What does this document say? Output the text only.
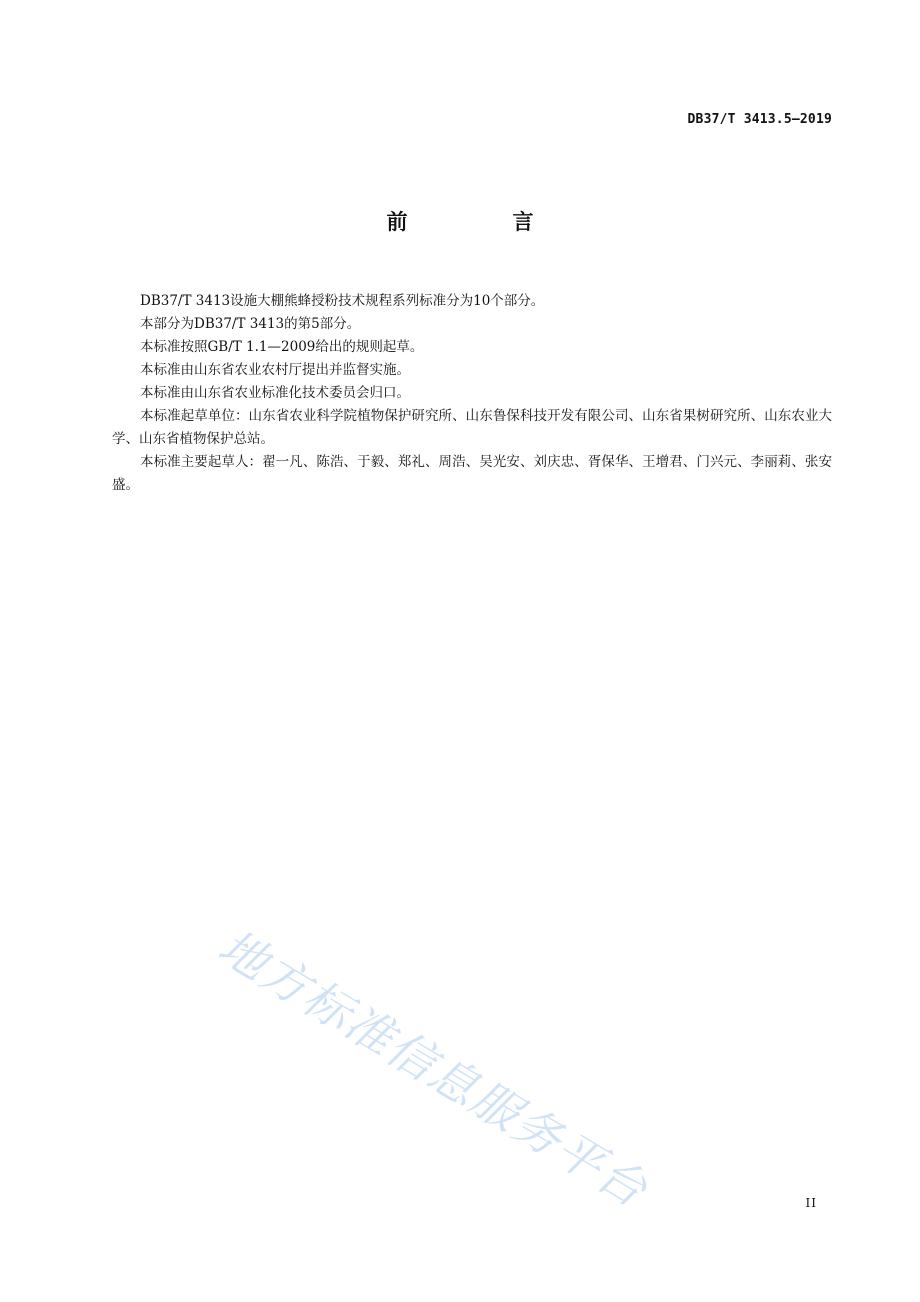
DB37/T 3413.5—2019
前　言

DB37/T 3413设施大棚熊蜂授粉技术规程系列标准分为10个部分。

本部分为DB37/T 3413的第5部分。

本标准按照GB/T 1.1—2009给出的规则起草。

本标准由山东省农业农村厅提出并监督实施。

本标准由山东省农业标准化技术委员会归口。

本标准起草单位：山东省农业科学院植物保护研究所、山东鲁保科技开发有限公司、山东省果树研究所、山东农业大学、山东省植物保护总站。

本标准主要起草人：翟一凡、陈浩、于毅、郑礼、周浩、吴光安、刘庆忠、胥保华、王增君、门兴元、李丽莉、张安盛。

地方标准信息服务平台	II
